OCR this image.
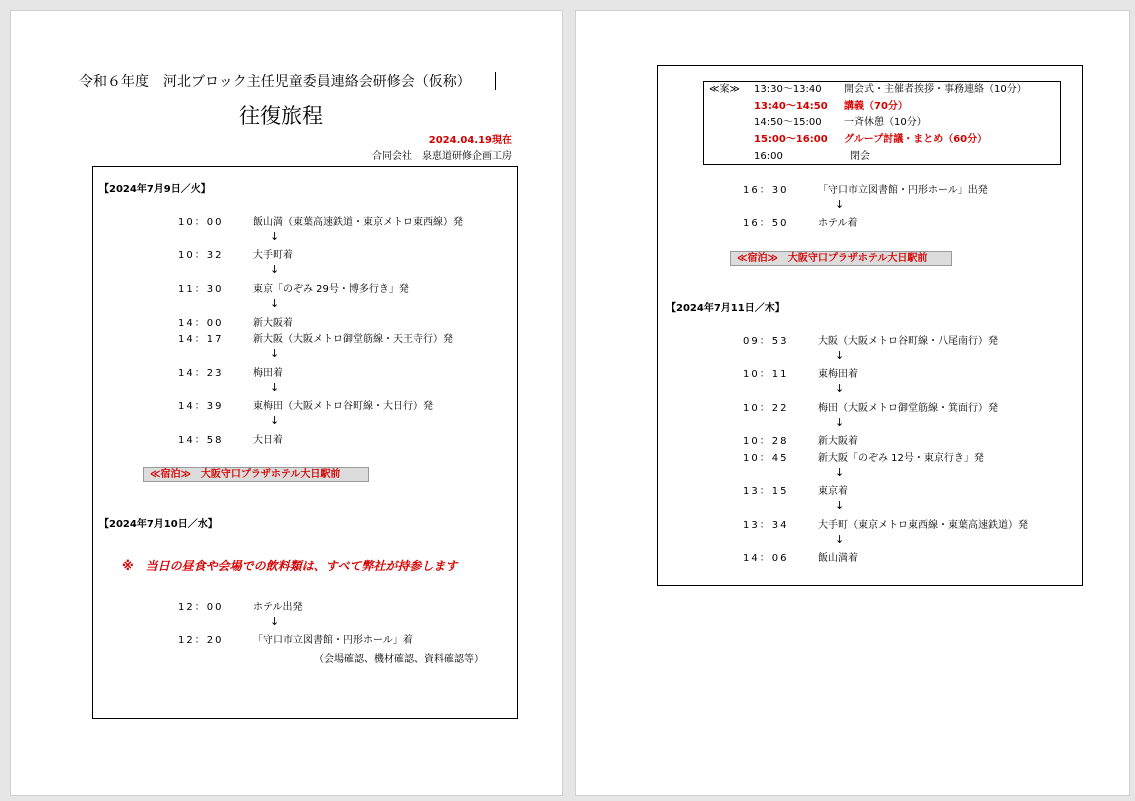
令和６年度　河北ブロック主任児童委員連絡会研修会（仮称）
往復旅程
2024.04.19現在
合同会社　泉恵道研修企画工房
【2024年7月9日／火】
10：00	飯山満（東葉高速鉄道・東京メトロ東西線）発
↓
10：32	大手町着
↓
11：30	東京「のぞみ 29号・博多行き」発
↓
14：00	新大阪着
14：17	新大阪（大阪メトロ御堂筋線・天王寺行）発
↓
14：23	梅田着
↓
14：39	東梅田（大阪メトロ谷町線・大日行）発
↓
14：58	大日着
≪宿泊≫　大阪守口プラザホテル大日駅前
【2024年7月10日／水】
※　当日の昼食や会場での飲料類は、すべて弊社が持参します
12：00	ホテル出発
↓
12：20	「守口市立図書館・円形ホール」着
（会場確認、機材確認、資料確認等）
≪案≫ 13:30～13:40 開会式・主催者挨拶・事務連絡（10分）
13:40～14:50 講義（70分）
14:50～15:00 一斉休憩（10分）
15:00～16:00 グループ討議・まとめ（60分）
16:00	閉会
16：30	「守口市立図書館・円形ホール」出発
↓
16：50	ホテル着
≪宿泊≫　大阪守口プラザホテル大日駅前
【2024年7月11日／木】
09：53	大阪（大阪メトロ谷町線・八尾南行）発
↓
10：11	東梅田着
↓
10：22	梅田（大阪メトロ御堂筋線・箕面行）発
↓
10：28	新大阪着
10：45	新大阪「のぞみ 12号・東京行き」発
↓
13：15	東京着
↓
13：34	大手町（東京メトロ東西線・東葉高速鉄道）発
↓
14：06	飯山満着
